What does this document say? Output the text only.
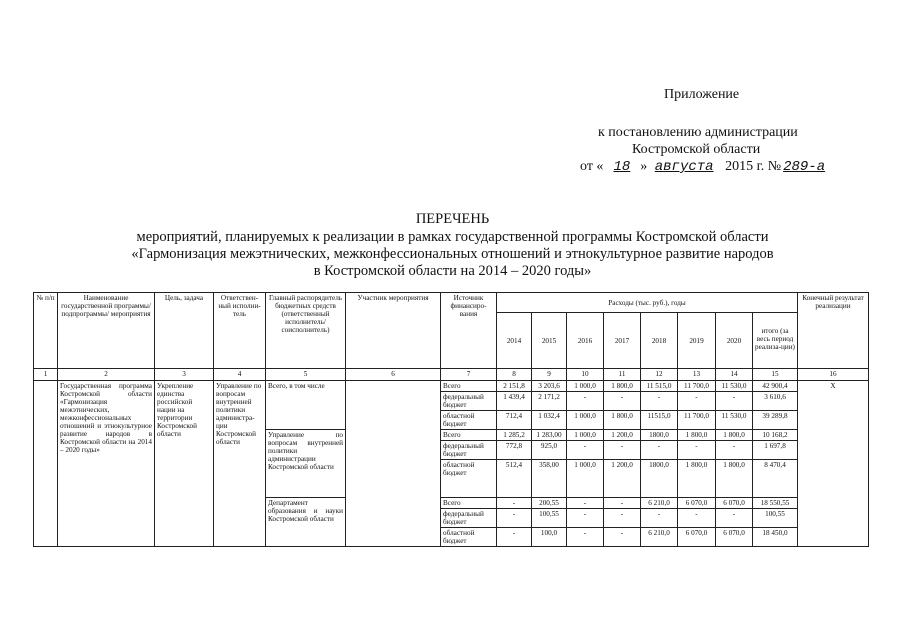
Приложение
к постановлению администрации
Костромской области
от « 18 » августа 2015 г. № 289-а
ПЕРЕЧЕНЬ
мероприятий, планируемых к реализации в рамках государственной программы Костромской области
«Гармонизация межэтнических, межконфессиональных отношений и этнокультурное развитие народов
в Костромской области на 2014 – 2020 годы»
№ п/п	Наименование государственной программы/ подпрограммы/ мероприятия	Цель, задача	Ответствен-ный исполни-тель	Главный распорядитель бюджетных средств (ответственный исполнитель/ соисполнитель)	Участник мероприятия	Источник финансиро-вания	Расходы (тыс. руб.), годы								Конечный результат реализации
							2014	2015	2016	2017	2018	2019	2020	итого (за весь период реализа-ции)	
1	2	3	4	5	6	7	8	9	10	11	12	13	14	15	16
	Государственная программа Костромской области «Гармонизация межэтнических, межконфессиональных отношений и этнокультурное развитие народов в Костромской области на 2014 – 2020 годы»	Укрепление единства российской нации на территории Костромской области	Управление по вопросам внутренней политики администра-ции Костромской области	Всего, в том числе		Всего	2 151,8	3 203,6	1 000,0	1 800,0	11 515,0	11 700,0	11 530,0	42 900,4	Х
						федеральный бюджет	1 439,4	2 171,2	-	-	-	-	-	3 610,6	
						областной бюджет	712,4	1 032,4	1 000,0	1 800,0	11515,0	11 700,0	11 530,0	39 289,8	
				Управление по вопросам внутренней политики администрации Костромской области		Всего	1 285,2	1 283,00	1 000,0	1 200,0	1800,0	1 800,0	1 800,0	10 168,2	
						федеральный бюджет	772,8	925,0	-	-	-	-	-	1 697,8	
						областной бюджет	512,4	358,00	1 000,0	1 200,0	1800,0	1 800,0	1 800,0	8 470,4	
				Департамент образования и науки Костромской области		Всего	-	200,55	-	-	6 210,0	6 070,0	6 070,0	18 550,55	
						федеральный бюджет	-	100,55	-	-	-	-	-	100,55	
						областной бюджет	-	100,0	-	-	6 210,0	6 070,0	6 070,0	18 450,0	
